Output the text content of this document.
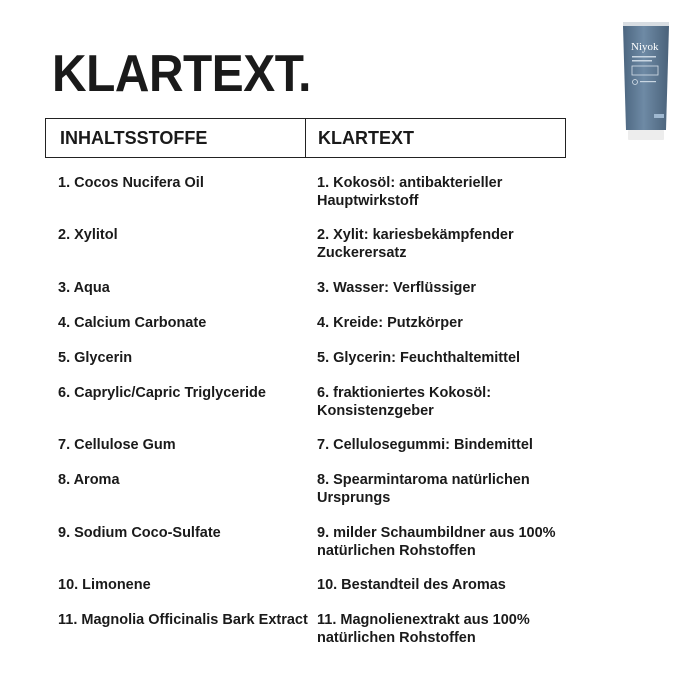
KLARTEXT.
INHALTSSTOFFE	KLARTEXT
1. Cocos Nucifera Oil	1. Kokosöl: antibakterieller Hauptwirkstoff
2. Xylitol	2. Xylit: kariesbekämpfender Zuckerersatz
3. Aqua	3. Wasser: Verflüssiger
4. Calcium Carbonate	4. Kreide: Putzkörper
5. Glycerin	5. Glycerin: Feuchthaltemittel
6. Caprylic/Capric Triglyceride	6. fraktioniertes Kokosöl: Konsistenzgeber
7. Cellulose Gum	7. Cellulosegummi: Bindemittel
8. Aroma	8. Spearmintaroma natürlichen Ursprungs
9. Sodium Coco-Sulfate	9. milder Schaumbildner aus 100% natürlichen Rohstoffen
10. Limonene	10. Bestandteil des Aromas
11. Magnolia Officinalis Bark Extract 11. Magnolienextrakt aus 100% natürlichen Rohstoffen
Niyok
